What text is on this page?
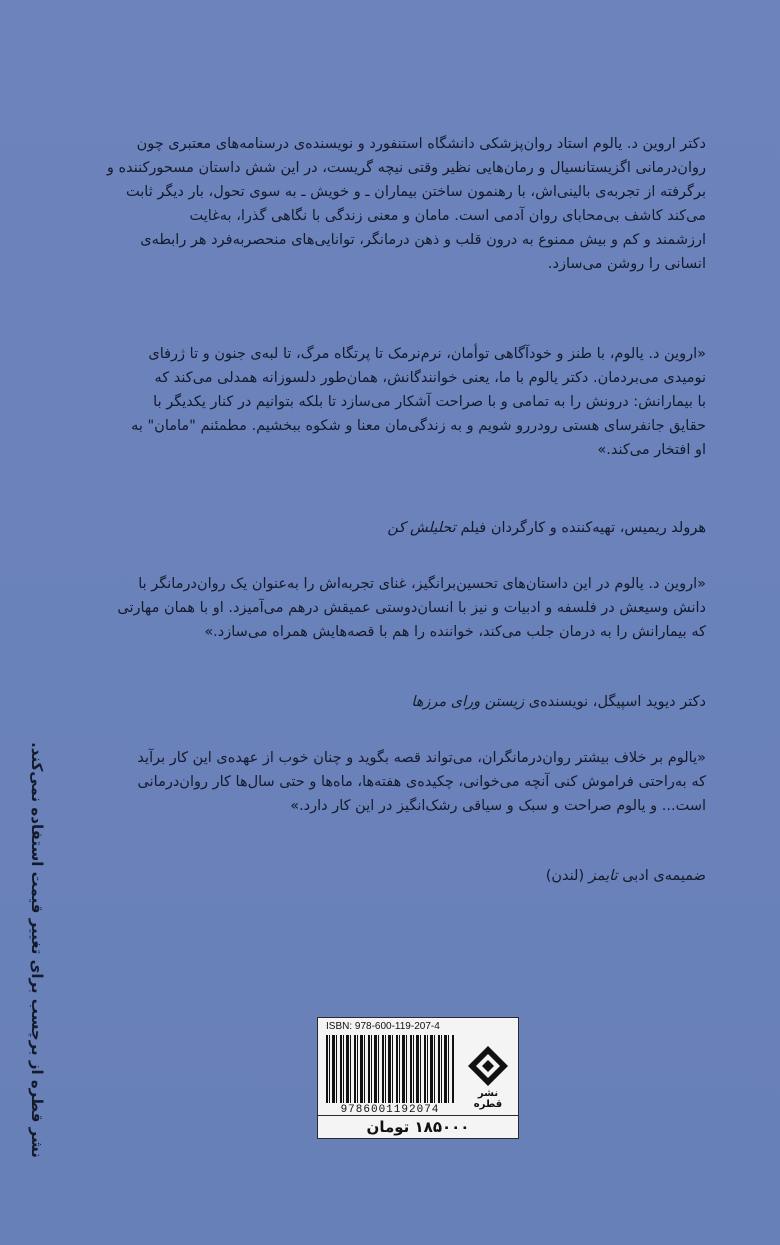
دکتر اروین د. یالوم استاد روان‌پزشکی دانشگاه استنفورد و نویسنده‌ی درسنامه‌های معتبری چون

روان‌درمانی اگزیستانسیال و رمان‌هایی نظیر وقتی نیچه گریست، در این شش داستان مسحورکننده و

برگرفته از تجربه‌ی بالینی‌اش، با رهنمون ساختن بیماران ـ و خویش ـ به سوی تحول، بار دیگر ثابت

می‌کند کاشف بی‌محابای روان آدمی است. مامان و معنی زندگی با نگاهی گذرا، به‌غایت

ارزشمند و کم و بیش ممنوع به درون قلب و ذهن درمانگر، توانایی‌های منحصربه‌فرد هر رابطه‌ی

انسانی را روشن می‌سازد.

«اروین د. یالوم، با طنز و خودآگاهی توأمان، نرم‌نرمک تا پرتگاه مرگ، تا لبه‌ی جنون و تا ژرفای

نومیدی می‌بردمان. دکتر یالوم با ما، یعنی خوانندگانش، همان‌طور دلسوزانه همدلی می‌کند که

با بیمارانش: درونش را به تمامی و با صراحت آشکار می‌سازد تا بلکه بتوانیم در کنار یکدیگر با

حقایق جانفرسای هستی رودررو شویم و به زندگی‌مان معنا و شکوه ببخشیم. مطمئنم "مامان" به

او افتخار می‌کند.»

هرولد ریمیس، تهیه‌کننده و کارگردان فیلم تحلیلش کن

«اروین د. یالوم در این داستان‌های تحسین‌برانگیز، غنای تجربه‌اش را به‌عنوان یک روان‌درمانگر با

دانش وسیعش در فلسفه و ادبیات و نیز با انسان‌دوستی عمیقش درهم می‌آمیزد. او با همان مهارتی

که بیمارانش را به درمان جلب می‌کند، خواننده را هم با قصه‌هایش همراه می‌سازد.»

دکتر دیوید اسپیگل، نویسنده‌ی زیستن ورای مرزها

«یالوم بر خلاف بیشتر روان‌درمانگران، می‌تواند قصه بگوید و چنان خوب از عهده‌ی این کار برآید

که به‌راحتی فراموش کنی آنچه می‌خوانی، چکیده‌ی هفته‌ها، ماه‌ها و حتی سال‌ها کار روان‌درمانی

است... و یالوم صراحت و سبک و سیاقی رشک‌انگیز در این کار دارد.»

ضمیمه‌ی ادبی تایمز (لندن)
نشر قطره از برچسب برای تغییر قیمت استفاده نمی‌کند.	ISBN: 978-600-119-207-4
9786001192074
نشر قطره
۱۸۵۰۰۰ تومان
